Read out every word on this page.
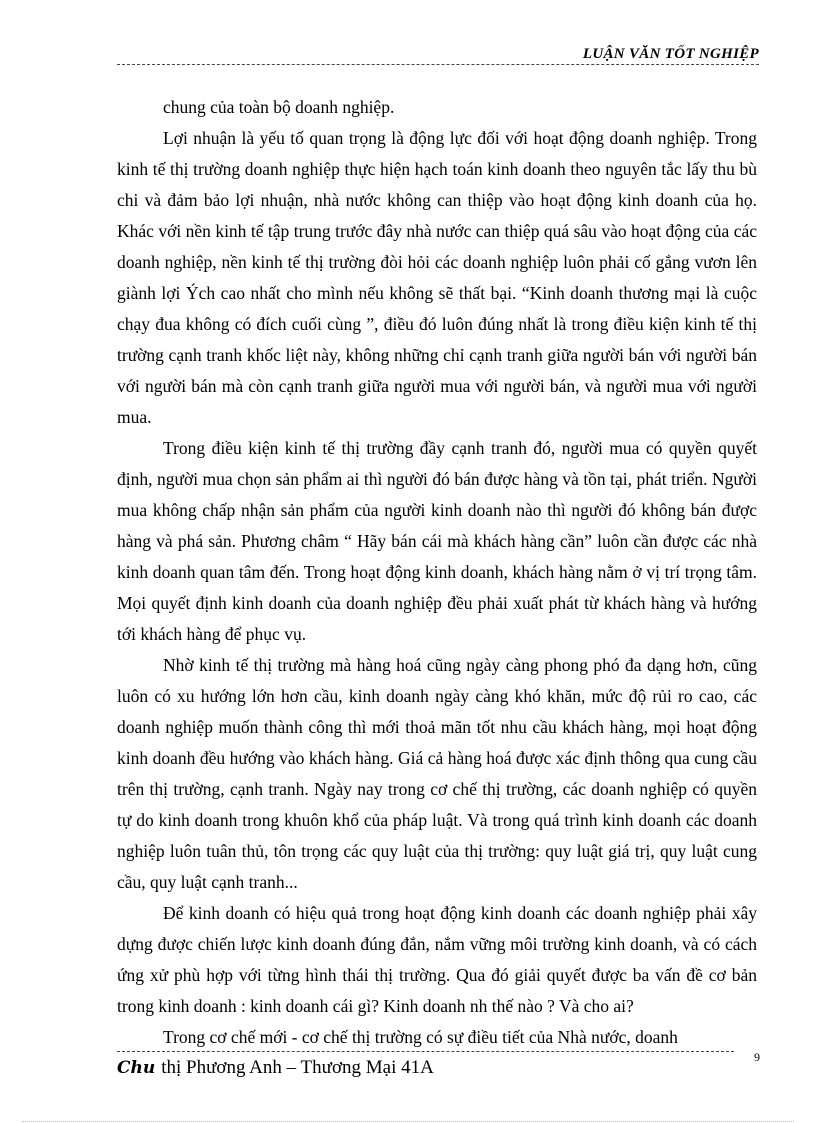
LUẬN VĂN TỐT NGHIỆP

chung của toàn bộ doanh nghiệp.

Lợi nhuận là yếu tố quan trọng là động lực đối với hoạt động doanh nghiệp. Trong kinh tế thị trường doanh nghiệp thực hiện hạch toán kinh doanh theo nguyên tắc lấy thu bù chi và đảm bảo lợi nhuận, nhà nước không can thiệp vào hoạt động kinh doanh của họ. Khác với nền kinh tế tập trung trước đây nhà nước can thiệp quá sâu vào hoạt động của các doanh nghiệp, nền kinh tế thị trường đòi hỏi các doanh nghiệp luôn phải cố gắng vươn lên giành lợi Ých cao nhất cho mình nếu không sẽ thất bại. “Kinh doanh thương mại là cuộc chạy đua không có đích cuối cùng ”, điều đó luôn đúng nhất là trong điều kiện kinh tế thị trường cạnh tranh khốc liệt này, không những chỉ cạnh tranh giữa người bán với người bán với người bán mà còn cạnh tranh giữa người mua với người bán, và người mua với người mua.

Trong điều kiện kinh tế thị trường đầy cạnh tranh đó, người mua có quyền quyết định, người mua chọn sản phẩm ai thì người đó bán được hàng và tồn tại, phát triển. Người mua không chấp nhận sản phẩm của người kinh doanh nào thì người đó không bán được hàng và phá sản. Phương châm “ Hãy bán cái mà khách hàng cần” luôn cần được các nhà kinh doanh quan tâm đến. Trong hoạt động kinh doanh, khách hàng nằm ở vị trí trọng tâm. Mọi quyết định kinh doanh của doanh nghiệp đều phải xuất phát từ khách hàng và hướng tới khách hàng để phục vụ.

Nhờ kinh tế thị trường mà hàng hoá cũng ngày càng phong phó đa dạng hơn, cũng luôn có xu hướng lớn hơn cầu, kinh doanh ngày càng khó khăn, mức độ rủi ro cao, các doanh nghiệp muốn thành công thì mới thoả mãn tốt nhu cầu khách hàng, mọi hoạt động kinh doanh đều hướng vào khách hàng. Giá cả hàng hoá được xác định thông qua cung cầu trên thị trường, cạnh tranh. Ngày nay trong cơ chế thị trường, các doanh nghiệp có quyền tự do kinh doanh trong khuôn khổ của pháp luật. Và trong quá trình kinh doanh các doanh nghiệp luôn tuân thủ, tôn trọng các quy luật của thị trường: quy luật giá trị, quy luật cung cầu, quy luật cạnh tranh...

Để kinh doanh có hiệu quả trong hoạt động kinh doanh các doanh nghiệp phải xây dựng được chiến lược kinh doanh đúng đắn, nắm vững môi trường kinh doanh, và có cách ứng xử phù hợp với từng hình thái thị trường. Qua đó giải quyết được ba vấn đề cơ bản trong kinh doanh : kinh doanh cái gì? Kinh doanh nh thế nào ? Và cho ai?

Trong cơ chế mới - cơ chế thị trường có sự điều tiết của Nhà nước, doanh

Chu thị Phương Anh – Thương Mại 41A	9
